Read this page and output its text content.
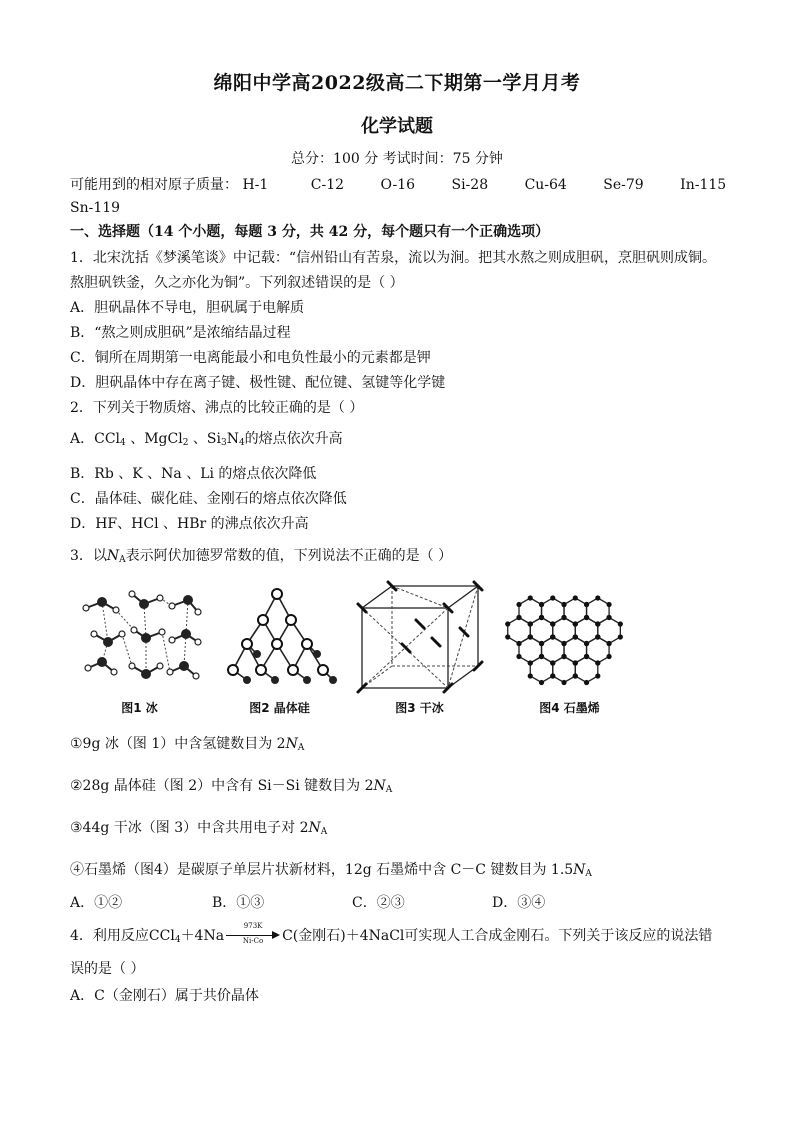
绵阳中学高2022级高二下期第一学月月考
化学试题
总分：100 分 考试时间：75 分钟
可能用到的相对原子质量： H-1	C-12	O-16	Si-28	Cu-64	Se-79	In-115
Sn-119
一、选择题（14 个小题，每题 3 分，共 42 分，每个题只有一个正确选项）
1．北宋沈括《梦溪笔谈》中记载：“信州铅山有苦泉，流以为涧。把其水熬之则成胆矾，烹胆矾则成铜。
熬胆矾铁釜，久之亦化为铜”。下列叙述错误的是（ ）
A．胆矾晶体不导电，胆矾属于电解质
B．“熬之则成胆矾”是浓缩结晶过程
C．铜所在周期第一电离能最小和电负性最小的元素都是钾
D．胆矾晶体中存在离子键、极性键、配位键、氢键等化学键
2．下列关于物质熔、沸点的比较正确的是（ ）
A．CCl$_4$ 、MgCl$_2$ 、$Si_3N_4$的熔点依次升高
B．Rb 、K 、Na 、Li 的熔点依次降低
C．晶体硅、碳化硅、金刚石的熔点依次降低
D．HF、HCl 、HBr 的沸点依次升高
3．以$N_A$表示阿伏加德罗常数的值，下列说法不正确的是（ ）
图1 冰	图2 晶体硅	图3 干冰	图4 石墨烯
①9g 冰（图 1）中含氢键数目为 $2N_A$
②28g 晶体硅（图 2）中含有 Si－Si 键数目为 $2N_A$
③44g 干冰（图 3）中含共用电子对 $2N_A$
④石墨烯（图4）是碳原子单层片状新材料，12g 石墨烯中含 C－C 键数目为 $1.5N_A$
A．①②	B．①③	C．②③	D．③④
4．利用反应$CCl_4+4Na \frac{973K}{Ni-Co} C$(金刚石)＋4NaCl可实现人工合成金刚石。下列关于该反应的说法错
误的是（ ）
A．C（金刚石）属于共价晶体
